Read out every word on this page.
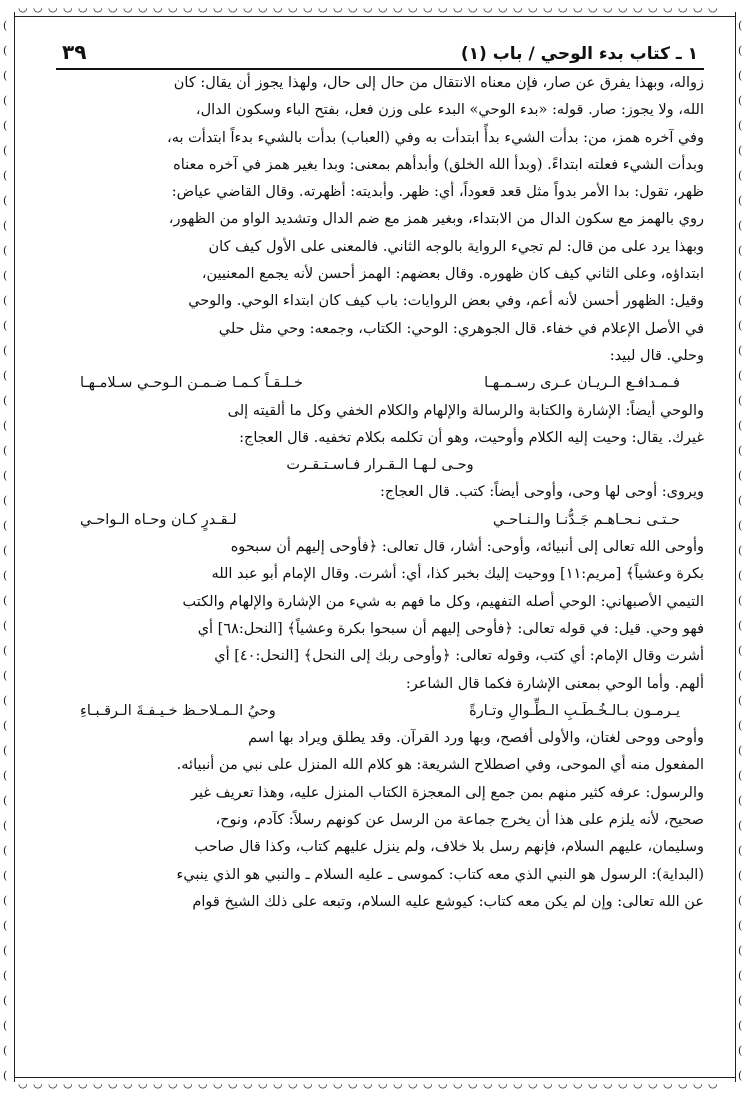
١ ـ كتاب بدء الوحي / باب (١)
٣٩

زواله، وبهذا يفرق عن صار، فإن معناه الانتقال من حال إلى حال، ولهذا يجوز أن يقال: كان

الله، ولا يجوز: صار. قوله: «بدء الوحي» البدء على وزن فعل، بفتح الباء وسكون الدال،

وفي آخره همز، من: بدأت الشيء بدأً ابتدأت به وفي (العباب) بدأت بالشيء بدءاً ابتدأت به،

وبدأت الشيء فعلته ابتداءً. (وبدأ الله الخلق) وأبدأهم بمعنى: وبدا بغير همز في آخره معناه

ظهر، تقول: بدا الأمر بدواً مثل قعد قعوداً، أي: ظهر. وأبديته: أظهرته. وقال القاضي عياض:

روي بالهمز مع سكون الدال من الابتداء، وبغير همز مع ضم الدال وتشديد الواو من الظهور،

وبهذا يرد على من قال: لم تجيء الرواية بالوجه الثاني. فالمعنى على الأول كيف كان

ابتداؤه، وعلى الثاني كيف كان ظهوره. وقال بعضهم: الهمز أحسن لأنه يجمع المعنيين،

وقيل: الظهور أحسن لأنه أعم، وفي بعض الروايات: باب كيف كان ابتداء الوحي. والوحي

في الأصل الإعلام في خفاء. قال الجوهري: الوحي: الكتاب، وجمعه: وحي مثل حلي

وحلي. قال لبيد:

فـمـدافـع الـريـان عـرى رسـمـهـا
خـلـقـاً كـمـا ضـمـن الـوحـي سـلامـهـا

والوحي أيضاً: الإشارة والكتابة والرسالة والإلهام والكلام الخفي وكل ما ألقيته إلى

غيرك. يقال: وحيت إليه الكلام وأوحيت، وهو أن تكلمه بكلام تخفيه. قال العجاج:

وحـى لـهـا الـقـرار فـاسـتـقـرت

ويروى: أوحى لها وحى، وأوحى أيضاً: كتب. قال العجاج:

حـتـى نـحـاهـم جَـدُّنـا والـنـاحـي
لـقـدرٍ كـان وحـاه الـواحـي

وأوحى الله تعالى إلى أنبيائه، وأوحى: أشار، قال تعالى: ﴿فأوحى إليهم أن سبحوه

بكرة وعشياً﴾ [مريم:١١] ووحيت إليك بخبر كذا، أي: أشرت. وقال الإمام أبو عبد الله

التيمي الأصبهاني: الوحي أصله التفهيم، وكل ما فهم به شيء من الإشارة والإلهام والكتب

فهو وحي. قيل: في قوله تعالى: ﴿فأوحى إليهم أن سبحوا بكرة وعشياً﴾ [النحل:٦٨] أي

أشرت وقال الإمام: أي كتب، وقوله تعالى: ﴿وأوحى ربك إلى النحل﴾ [النحل:٤٠] أي

ألهم. وأما الوحي بمعنى الإشارة فكما قال الشاعر:

يـرمـون بـالـخُـطَـبِ الـطِّـوالِ وتـارةً
وحيُ الـمـلاحـظ خـيـفـةَ الـرقـبـاءِ

وأوحى ووحى لغتان، والأولى أفصح، وبها ورد القرآن. وقد يطلق ويراد بها اسم

المفعول منه أي الموحى، وفي اصطلاح الشريعة: هو كلام الله المنزل على نبي من أنبيائه.

والرسول: عرفه كثير منهم بمن جمع إلى المعجزة الكتاب المنزل عليه، وهذا تعريف غير

صحيح، لأنه يلزم على هذا أن يخرج جماعة من الرسل عن كونهم رسلاً: كآدم، ونوح،

وسليمان، عليهم السلام، فإنهم رسل بلا خلاف، ولم ينزل عليهم كتاب، وكذا قال صاحب

(البداية): الرسول هو النبي الذي معه كتاب: كموسى ـ عليه السلام ـ والنبي هو الذي ينبيء

عن الله تعالى: وإن لم يكن معه كتاب: كيوشع عليه السلام، وتبعه على ذلك الشيخ قوام

◡ ◡ ◡ ◡ ◡ ◡ ◡ ◡ ◡ ◡ ◡ ◡ ◡ ◡ ◡ ◡ ◡ ◡ ◡ ◡ ◡ ◡ ◡ ◡ ◡ ◡ ◡ ◡ ◡ ◡ ◡ ◡ ◡ ◡ ◡ ◡ ◡ ◡ ◡ ◡ ◡ ◡ ◡ ◡ ◡ ◡ ◡
◡ ◡ ◡ ◡ ◡ ◡ ◡ ◡ ◡ ◡ ◡ ◡ ◡ ◡ ◡ ◡ ◡ ◡ ◡ ◡ ◡ ◡ ◡ ◡ ◡ ◡ ◡ ◡ ◡ ◡ ◡ ◡ ◡ ◡ ◡ ◡ ◡ ◡ ◡ ◡ ◡ ◡ ◡ ◡ ◡ ◡ ◡
(
(
(
(
(
(
(
(
(
(
(
(
(
(
(
(
(
(
(
(
(
(
(
(
(
(
(
(
(
(
(
(
(
(
(
(
(
(
(
(
(
(
(
(
(
(
(
(
(
(
(
(
(
(
(
(
(
(
(
(
(
(
(
(
(
(
(
(
(
(
(
(
(
(
(
(
(
(
(
(
(
(
(
(
(
(
